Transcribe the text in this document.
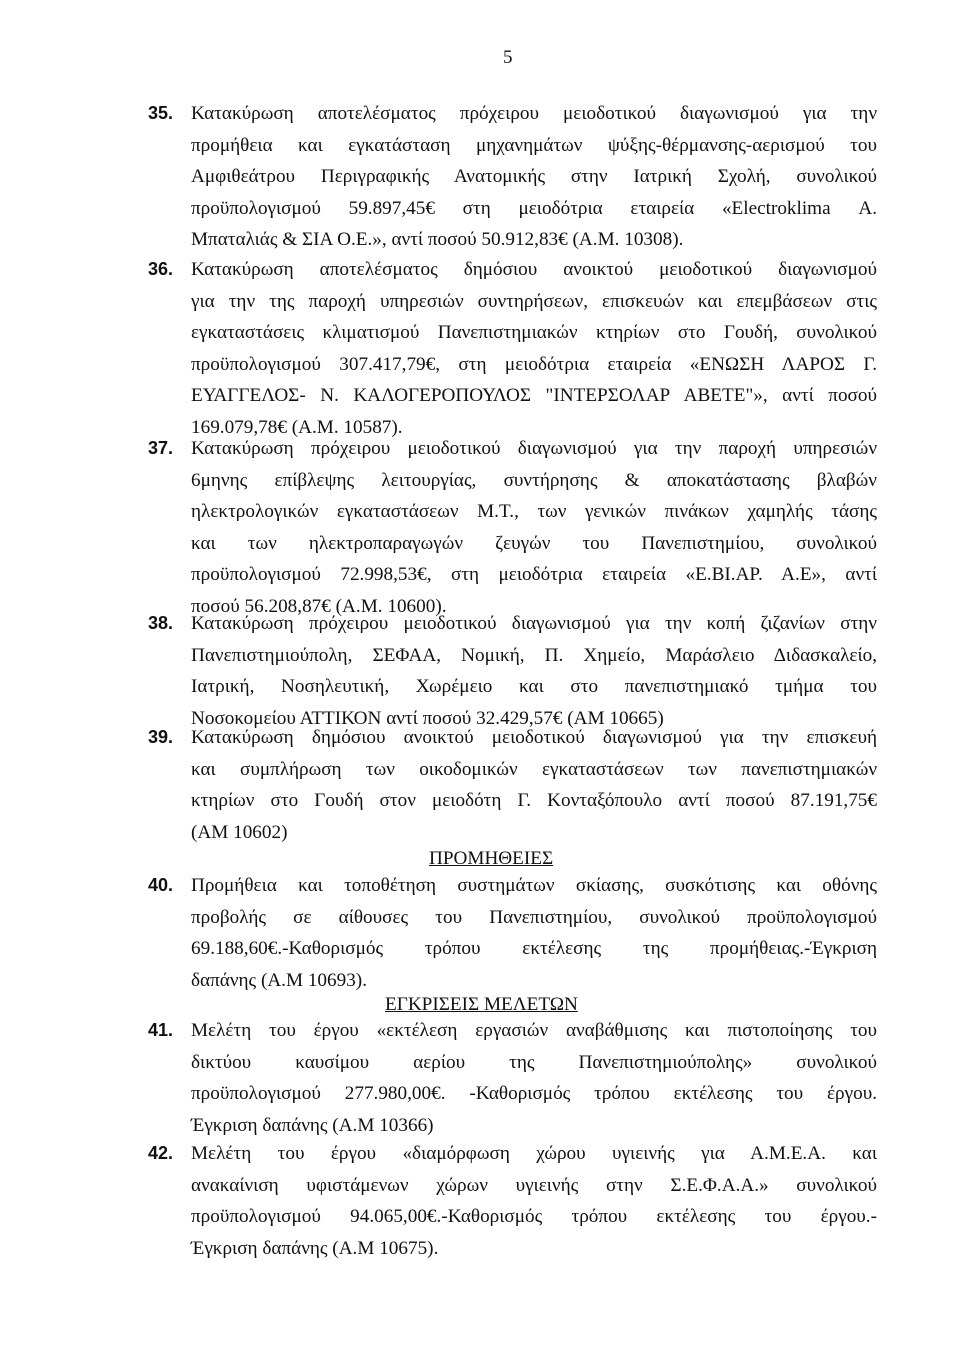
5
35. Κατακύρωση αποτελέσματος πρόχειρου μειοδοτικού διαγωνισμού για την
προμήθεια και εγκατάσταση μηχανημάτων ψύξης-θέρμανσης-αερισμού του
Αμφιθεάτρου Περιγραφικής Ανατομικής στην Ιατρική Σχολή, συνολικού
προϋπολογισμού 59.897,45€ στη μειοδότρια εταιρεία «Electroklima Α.
Μπαταλιάς & ΣΙΑ Ο.Ε.», αντί ποσού 50.912,83€ (Α.Μ. 10308).
36. Κατακύρωση αποτελέσματος δημόσιου ανοικτού μειοδοτικού διαγωνισμού
για την της παροχή υπηρεσιών συντηρήσεων, επισκευών και επεμβάσεων στις
εγκαταστάσεις κλιματισμού Πανεπιστημιακών κτηρίων στο Γουδή, συνολικού
προϋπολογισμού 307.417,79€, στη μειοδότρια εταιρεία «ΕΝΩΣΗ ΛΑΡΟΣ Γ.
ΕΥΑΓΓΕΛΟΣ- Ν. ΚΑΛΟΓΕΡΟΠΟΥΛΟΣ "ΙΝΤΕΡΣΟΛΑΡ ΑΒΕΤΕ"», αντί ποσού
169.079,78€ (Α.Μ. 10587).
37. Κατακύρωση πρόχειρου μειοδοτικού διαγωνισμού για την παροχή υπηρεσιών
6μηνης επίβλεψης λειτουργίας, συντήρησης & αποκατάστασης βλαβών
ηλεκτρολογικών εγκαταστάσεων Μ.Τ., των γενικών πινάκων χαμηλής τάσης
και των ηλεκτροπαραγωγών ζευγών του Πανεπιστημίου, συνολικού
προϋπολογισμού 72.998,53€, στη μειοδότρια εταιρεία «Ε.ΒΙ.ΑΡ. Α.Ε», αντί
ποσού 56.208,87€ (Α.Μ. 10600).
38. Κατακύρωση πρόχειρου μειοδοτικού διαγωνισμού για την κοπή ζιζανίων στην
Πανεπιστημιούπολη, ΣΕΦΑΑ, Νομική, Π. Χημείο, Μαράσλειο Διδασκαλείο,
Ιατρική, Νοσηλευτική, Χωρέμειο και στο πανεπιστημιακό τμήμα του
Νοσοκομείου ΑΤΤΙΚΟΝ αντί ποσού 32.429,57€ (ΑΜ 10665)
39. Κατακύρωση δημόσιου ανοικτού μειοδοτικού διαγωνισμού για την επισκευή
και συμπλήρωση των οικοδομικών εγκαταστάσεων των πανεπιστημιακών
κτηρίων στο Γουδή στον μειοδότη Γ. Κονταξόπουλο αντί ποσού 87.191,75€
(ΑΜ 10602)
ΠΡΟΜΗΘΕΙΕΣ
40. Προμήθεια και τοποθέτηση συστημάτων σκίασης, συσκότισης και οθόνης
προβολής σε αίθουσες του Πανεπιστημίου, συνολικού προϋπολογισμού
69.188,60€.-Καθορισμός τρόπου εκτέλεσης της προμήθειας.-Έγκριση
δαπάνης (Α.Μ 10693).
ΕΓΚΡΙΣΕΙΣ ΜΕΛΕΤΩΝ
41. Μελέτη του έργου «εκτέλεση εργασιών αναβάθμισης και πιστοποίησης του
δικτύου καυσίμου αερίου της Πανεπιστημιούπολης» συνολικού
προϋπολογισμού 277.980,00€. -Καθορισμός τρόπου εκτέλεσης του έργου.
Έγκριση δαπάνης (Α.Μ 10366)
42. Μελέτη του έργου «διαμόρφωση χώρου υγιεινής για Α.Μ.Ε.Α. και
ανακαίνιση υφιστάμενων χώρων υγιεινής στην Σ.Ε.Φ.Α.Α.» συνολικού
προϋπολογισμού 94.065,00€.-Καθορισμός τρόπου εκτέλεσης του έργου.-
Έγκριση δαπάνης (Α.Μ 10675).
